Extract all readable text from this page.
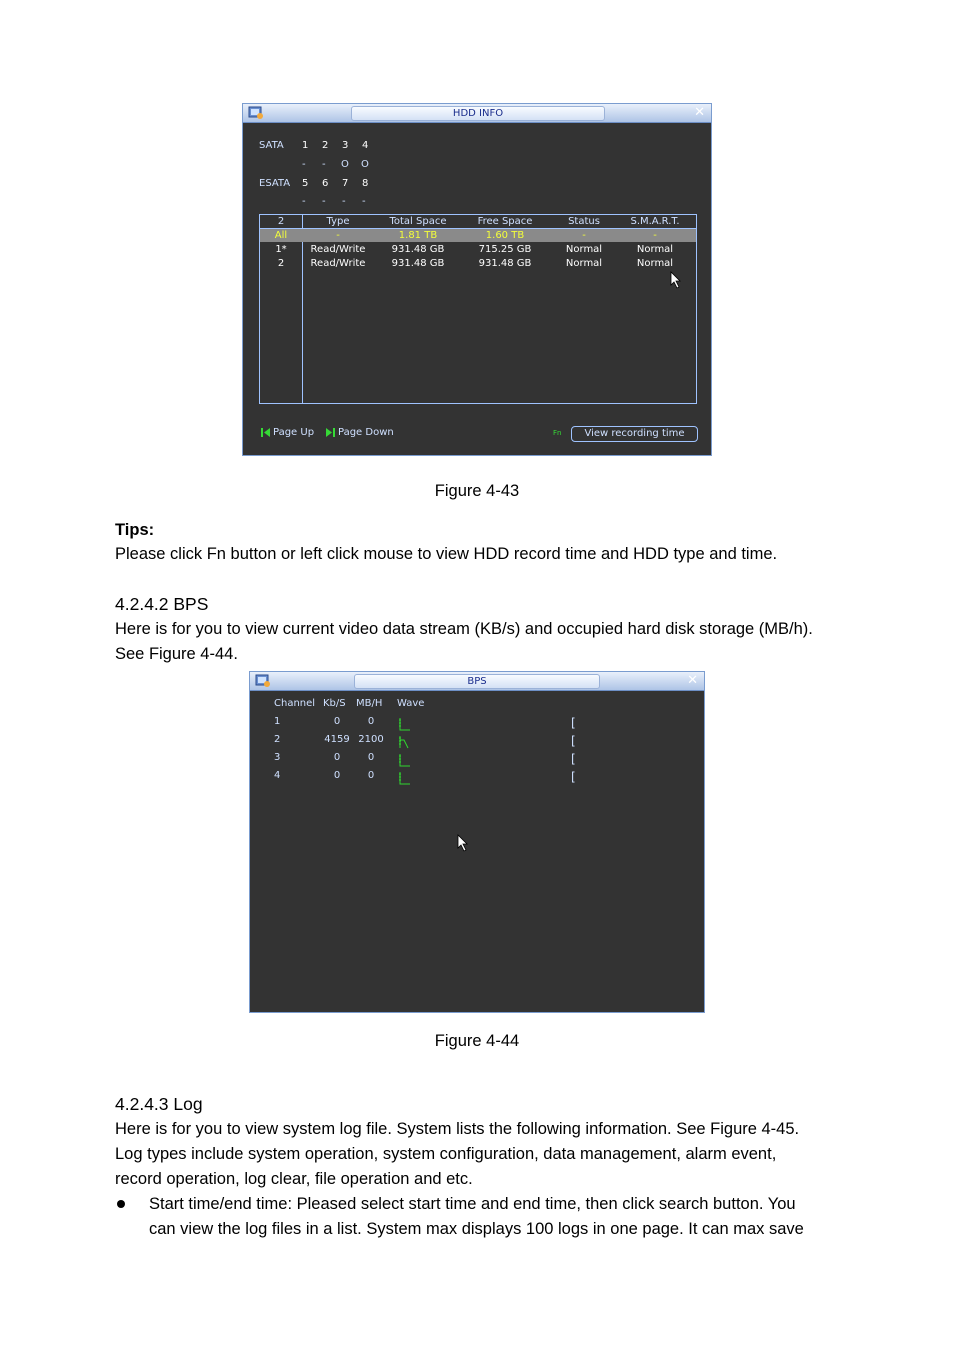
HDD INFO	✕
SATA 1 2 3 4
- - O O
ESATA 5 6 7 8
- - - -
2	Type	Total Space	Free Space	Status	S.M.A.R.T.
All	-	1.81 TB	1.60 TB	-	-
1*	Read/Write	931.48 GB	715.25 GB	Normal	Normal
2	Read/Write	931.48 GB	931.48 GB	Normal	Normal
Page Up Page Down	Fn	View recording time
Figure 4-43
Tips:
Please click Fn button or left click mouse to view HDD record time and HDD type and time.
4.2.4.2 BPS
Here is for you to view current video data stream (KB/s) and occupied hard disk storage (MB/h).
See Figure 4-44.
BPS	✕
Channel Kb/S MB/H Wave
1	0	0	[
2	4159 2100	[
3	0	0	[
4	0	0	[
Figure 4-44
4.2.4.3 Log
Here is for you to view system log file. System lists the following information. See Figure 4-45.
Log types include system operation, system configuration, data management, alarm event,
record operation, log clear, file operation and etc.
Start time/end time: Pleased select start time and end time, then click search button. You
can view the log files in a list. System max displays 100 logs in one page. It can max save
